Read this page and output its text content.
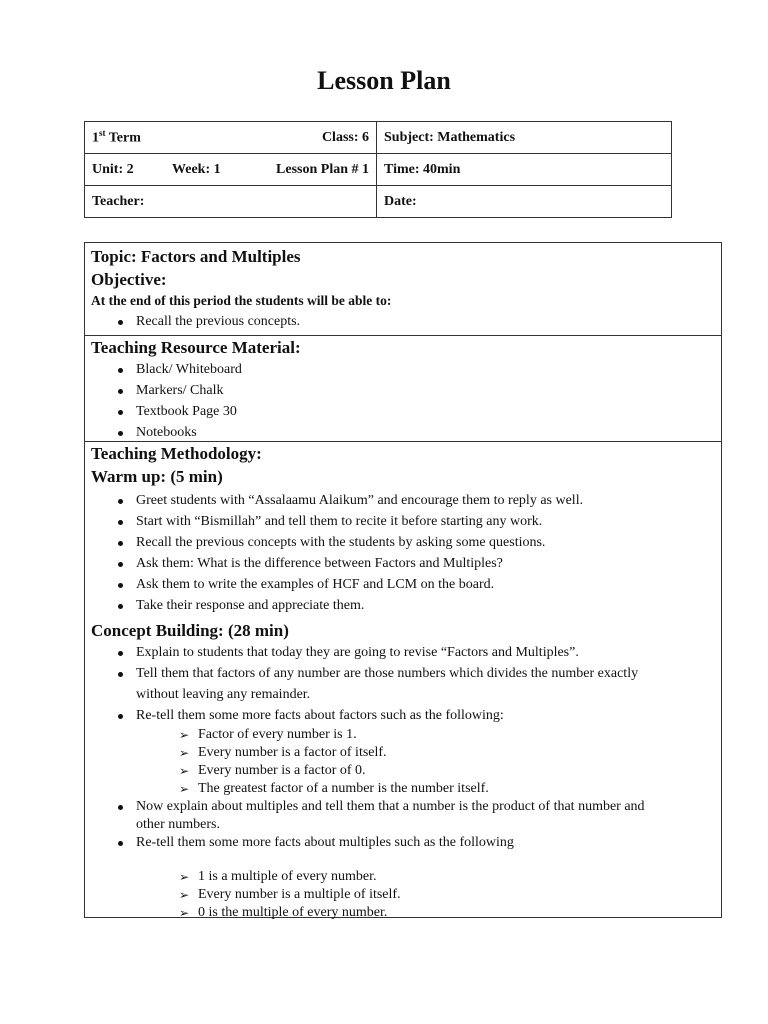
Lesson Plan
1st Term Class: 6	Subject: Mathematics

Unit: 2 Week: 1 Lesson Plan # 1	Time: 40min
Teacher:	Date:
Topic: Factors and Multiples
Objective:
At the end of this period the students will be able to:
Recall the previous concepts.
Teaching Resource Material:
Black/ Whiteboard
Markers/ Chalk
Textbook Page 30
Notebooks
Teaching Methodology:
Warm up: (5 min)
Greet students with “Assalaamu Alaikum” and encourage them to reply as well.
Start with “Bismillah” and tell them to recite it before starting any work.
Recall the previous concepts with the students by asking some questions.
Ask them: What is the difference between Factors and Multiples?
Ask them to write the examples of HCF and LCM on the board.
Take their response and appreciate them.
Concept Building: (28 min)
Explain to students that today they are going to revise “Factors and Multiples”.
Tell them that factors of any number are those numbers which divides the number exactly
without leaving any remainder.
Re-tell them some more facts about factors such as the following:
➢ Factor of every number is 1.
➢ Every number is a factor of itself.
➢ Every number is a factor of 0.
➢ The greatest factor of a number is the number itself.
Now explain about multiples and tell them that a number is the product of that number and
other numbers.
Re-tell them some more facts about multiples such as the following
➢ 1 is a multiple of every number.
➢ Every number is a multiple of itself.
➢ 0 is the multiple of every number.
